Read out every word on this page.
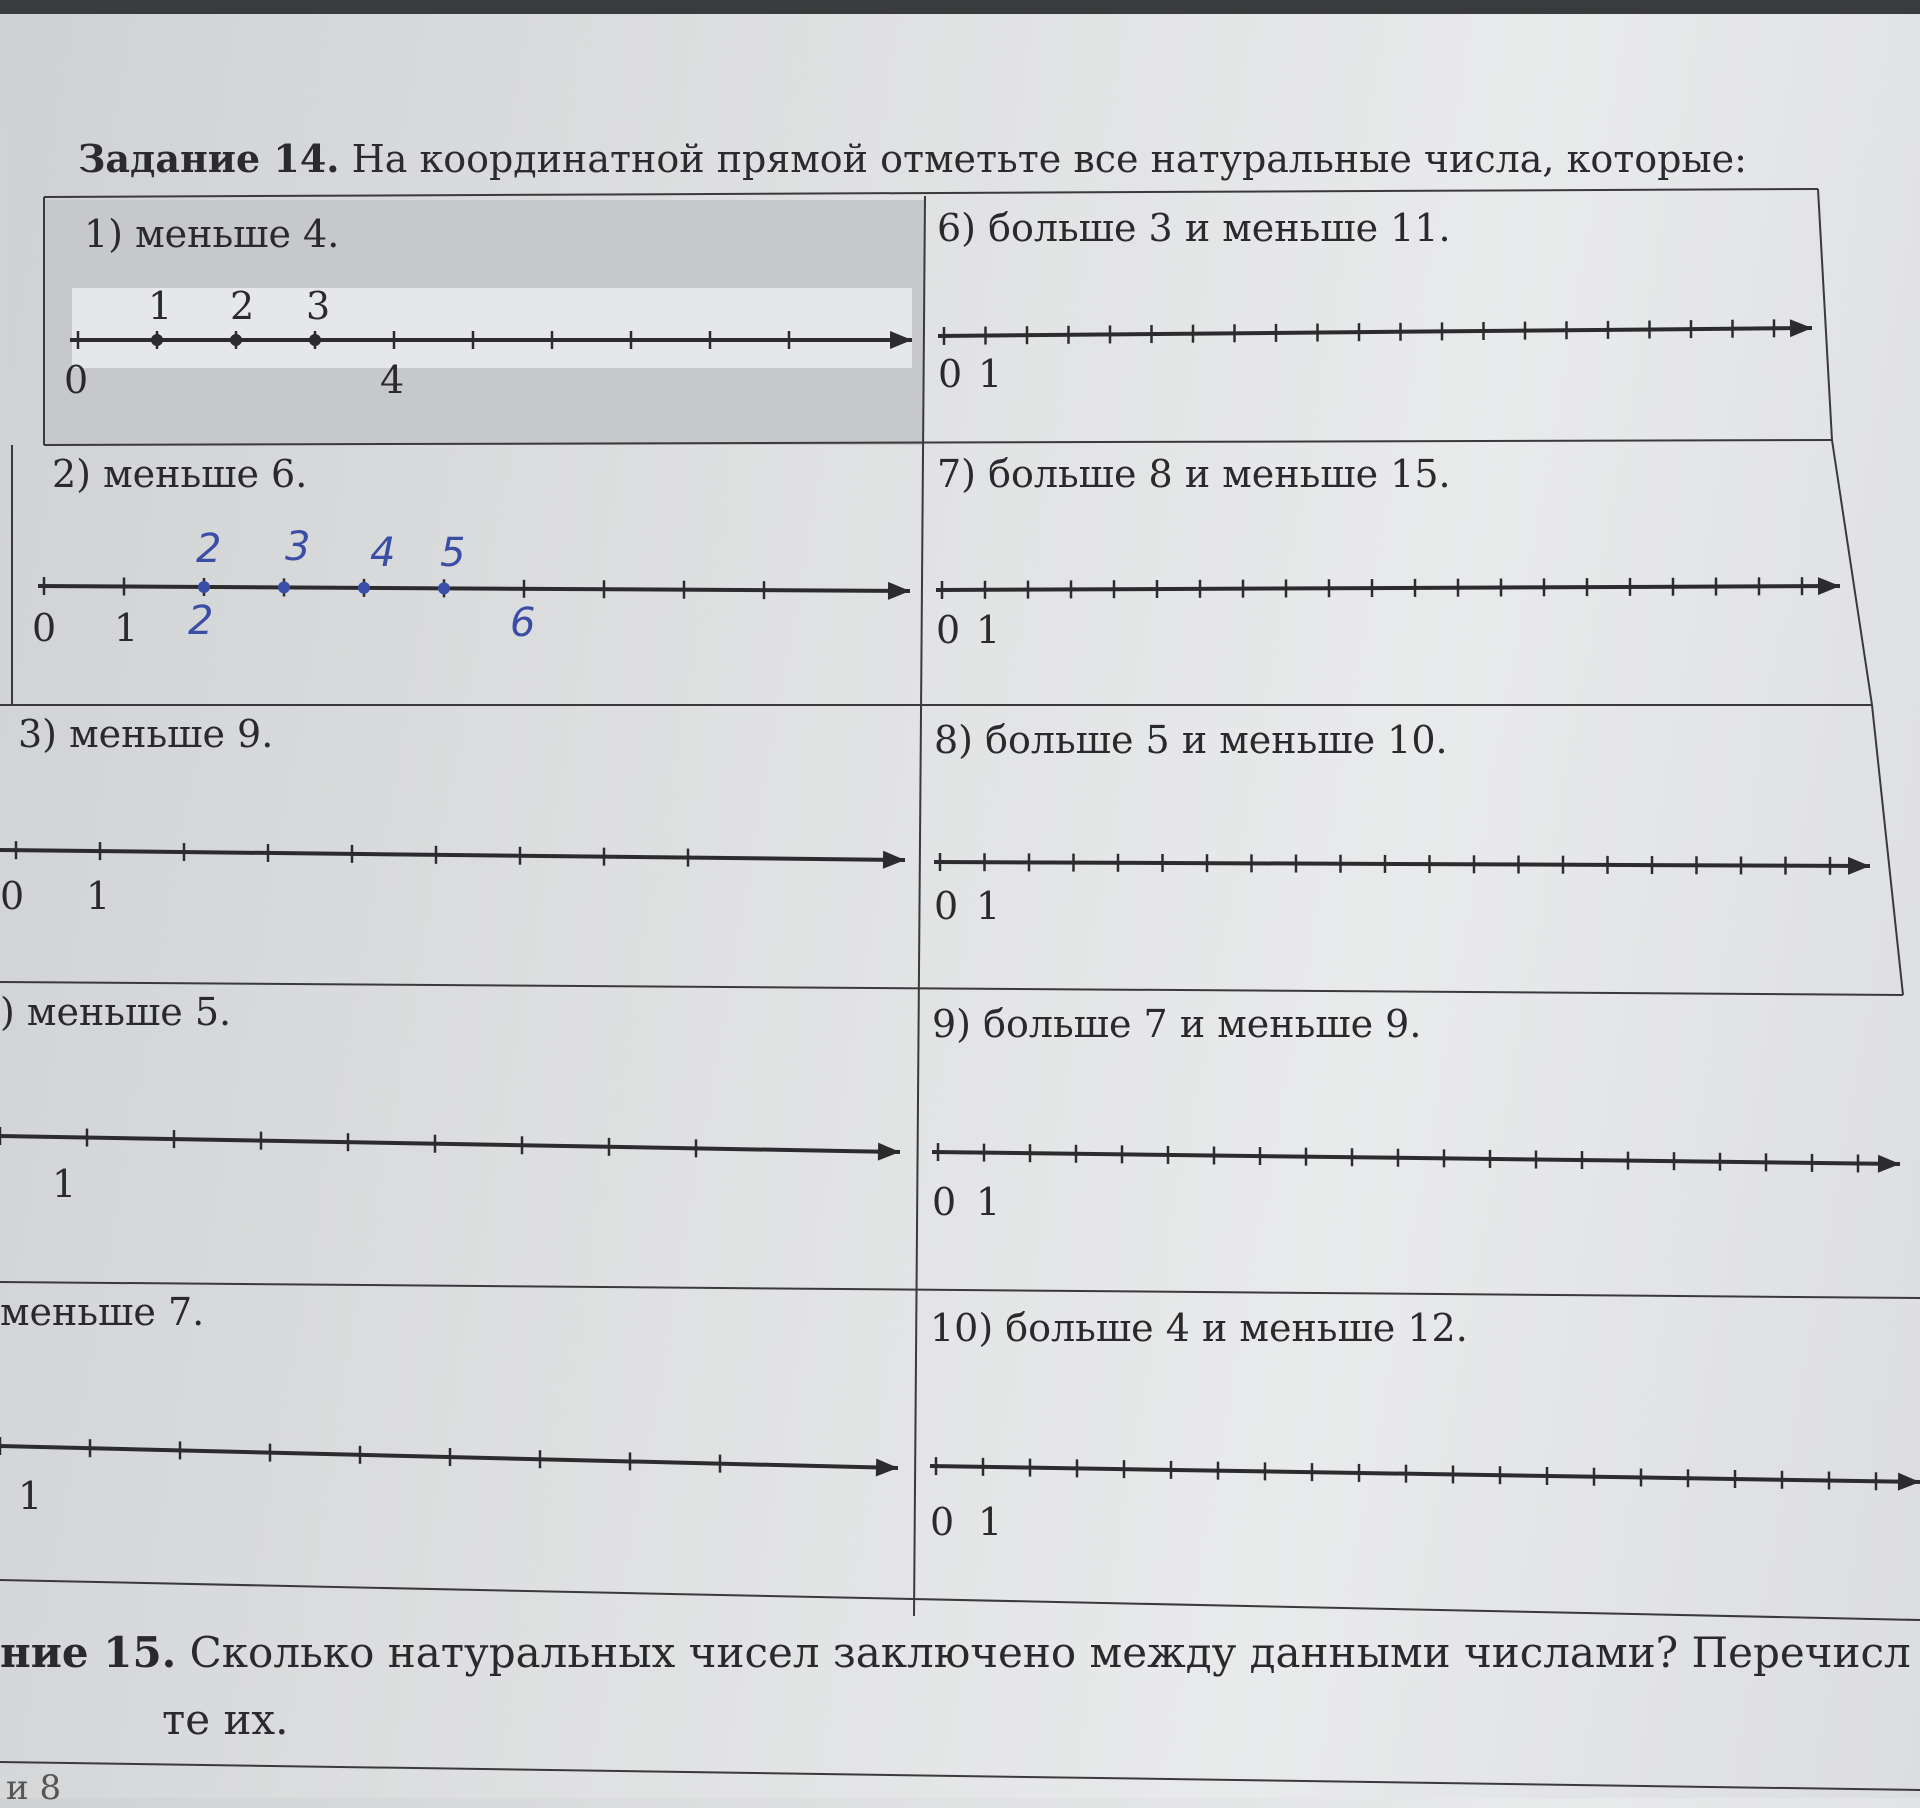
Задание 14. На координатной прямой отметьте все натуральные числа, которые:
1) меньше 4.
2) меньше 6.
3) меньше 9.
) меньше 5.
меньше 7.
6) больше 3 и меньше 11.
7) больше 8 и меньше 15.
8) больше 5 и меньше 10.
9) больше 7 и меньше 9.
10) больше 4 и меньше 12.
1 2 3
0	4
0 1
2 3 4 5
2	6
0 1
1
1
0 1
0 1
0 1
0 1
0 1
ние 15. Сколько натуральных чисел заключено между данными числами? Перечисл
те их.
и 8
